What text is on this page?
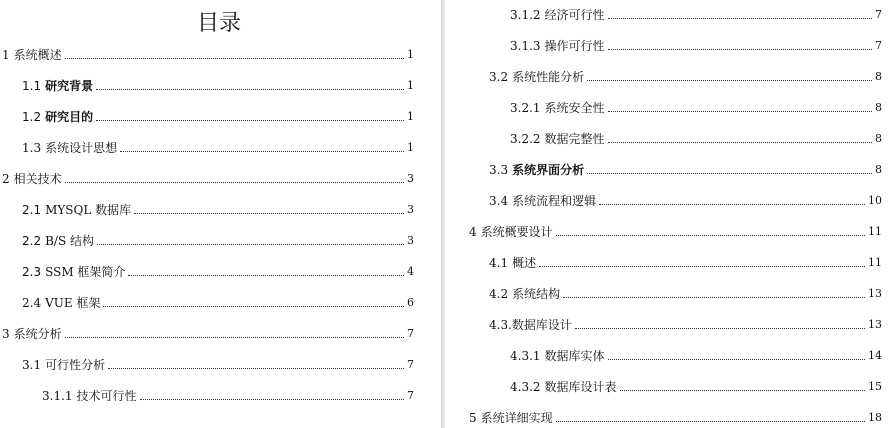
目录
1 系统概述	1
1.1 研究背景	1
1.2 研究目的	1
1.3 系统设计思想	1
2 相关技术	3
2.1 MYSQL 数据库	3
2.2 B/S 结构	3
2.3 SSM 框架简介	4
2.4 VUE 框架	6
3 系统分析	7
3.1 可行性分析	7
3.1.1 技术可行性	7
3.1.2 经济可行性	7
3.1.3 操作可行性	7
3.2 系统性能分析	8
3.2.1 系统安全性	8
3.2.2 数据完整性	8
3.3 系统界面分析	8
3.4 系统流程和逻辑	10
4 系统概要设计	11
4.1 概述	11
4.2 系统结构	13
4.3. 数据库设计	13
4.3.1 数据库实体	14
4.3.2 数据库设计表	15
5 系统详细实现	18
